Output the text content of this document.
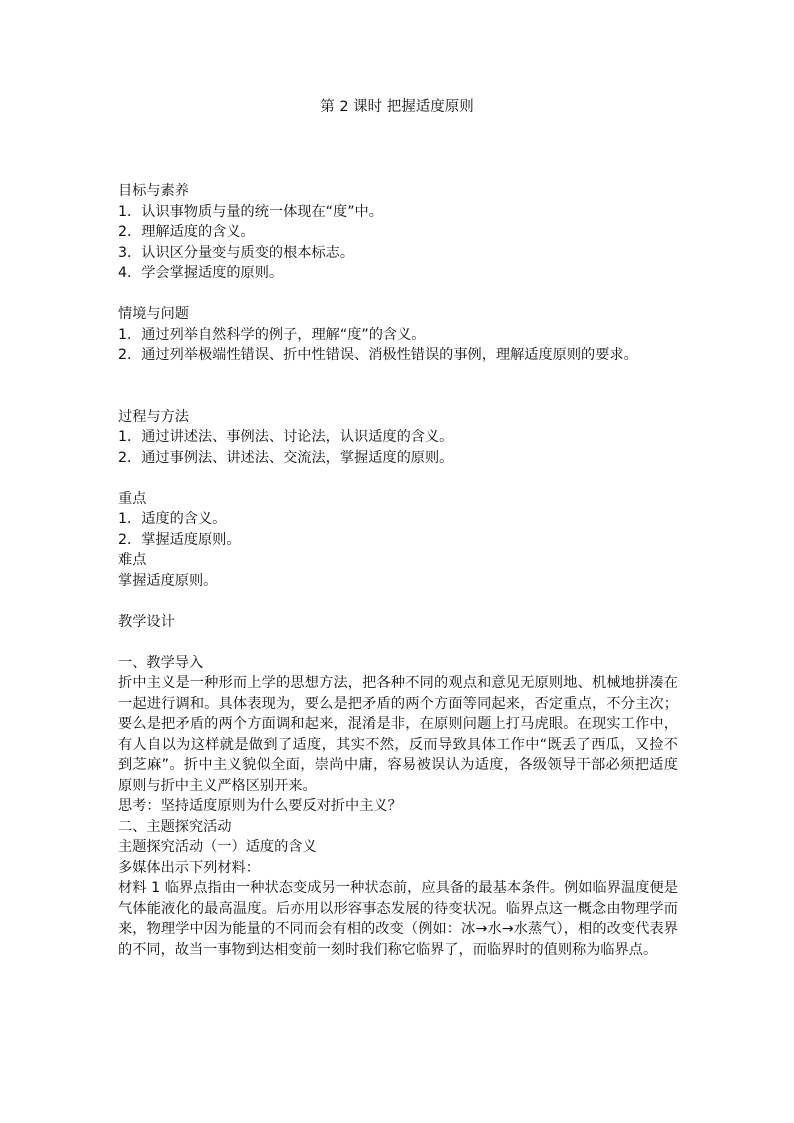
第 2 课时 把握适度原则
目标与素养
1．认识事物质与量的统一体现在“度”中。
2．理解适度的含义。
3．认识区分量变与质变的根本标志。
4．学会掌握适度的原则。
情境与问题
1．通过列举自然科学的例子，理解“度”的含义。
2．通过列举极端性错误、折中性错误、消极性错误的事例，理解适度原则的要求。
过程与方法
1．通过讲述法、事例法、讨论法，认识适度的含义。
2．通过事例法、讲述法、交流法，掌握适度的原则。
重点
1．适度的含义。
2．掌握适度原则。
难点
掌握适度原则。
教学设计
一、教学导入
折中主义是一种形而上学的思想方法，把各种不同的观点和意见无原则地、机械地拼凑在一起进行调和。具体表现为，要么是把矛盾的两个方面等同起来，否定重点，不分主次；要么是把矛盾的两个方面调和起来，混淆是非，在原则问题上打马虎眼。在现实工作中，有人自以为这样就是做到了适度，其实不然，反而导致具体工作中“既丢了西瓜，又捡不到芝麻”。折中主义貌似全面，崇尚中庸，容易被误认为适度，各级领导干部必须把适度原则与折中主义严格区别开来。
思考：坚持适度原则为什么要反对折中主义？
二、主题探究活动
主题探究活动（一）适度的含义
多媒体出示下列材料：
材料 1 临界点指由一种状态变成另一种状态前，应具备的最基本条件。例如临界温度便是气体能液化的最高温度。后亦用以形容事态发展的待变状况。临界点这一概念由物理学而来，物理学中因为能量的不同而会有相的改变（例如：冰→水→水蒸气），相的改变代表界的不同，故当一事物到达相变前一刻时我们称它临界了，而临界时的值则称为临界点。
